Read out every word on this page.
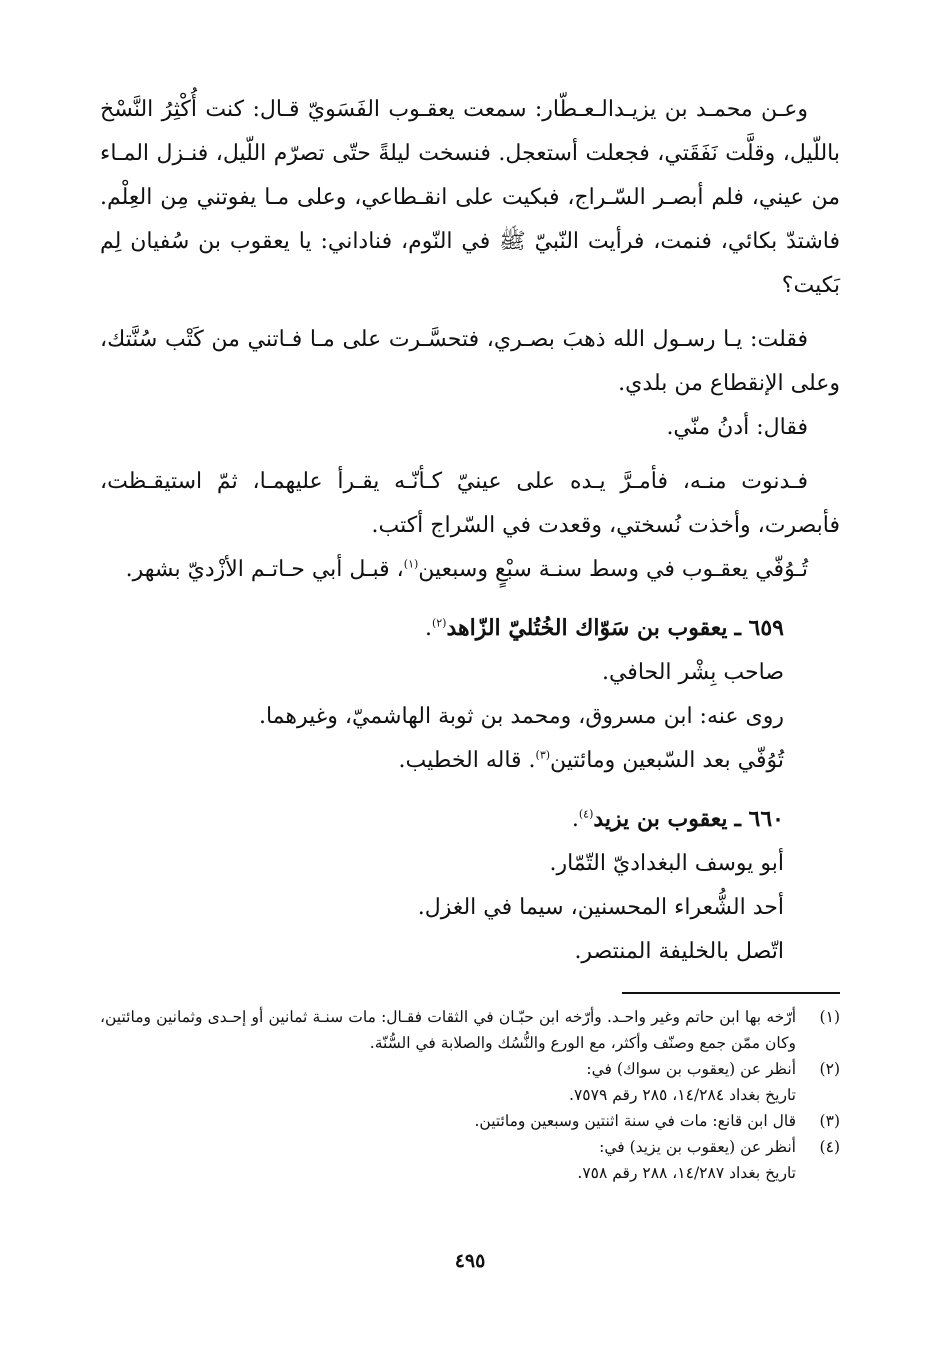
وعـن محمـد بن يزيـدالـعـطّار: سمعت يعقـوب الفَسَويّ قـال: كنت أُكْثِرُ النَّسْخ باللّيل، وقلَّت نَفَقَتي، فجعلت أستعجل. فنسخت ليلةً حتّى تصرّم اللّيل، فنـزل المـاء من عيني، فلم أبصـر السّـراج، فبكيت على انقـطاعي، وعلى مـا يفوتني مِن العِلْم. فاشتدّ بكائي، فنمت، فرأيت النّبيّ ﷺ في النّوم، فناداني: يا يعقوب بن سُفيان لِم بَكيت؟

فقلت: يـا رسـول الله ذهبَ بصـري، فتحسَّـرت على مـا فـاتني من كَتْب سُنَّتك، وعلى الإنقطاع من بلدي.

فقال: أدنُ منّي.

فـدنوت منـه، فأمـرَّ يـده على عينيّ كـأنّـه يقـرأ عليهمـا، ثمّ استيقـظت، فأبصرت، وأخذت نُسختي، وقعدت في السّراج أكتب.

تُـوُفّي يعقـوب في وسط سنـة سبْعٍ وسبعين$^{(١)}$، قبـل أبي حـاتـم الأزْديّ بشهر.

٦٥٩ ـ يعقوب بن سَوّاك الخُتُليّ الزّاهد$^{(٢)}$.

صاحب بِشْر الحافي.

روى عنه: ابن مسروق، ومحمد بن ثوبة الهاشميّ، وغيرهما.

تُوُفّي بعد السّبعين ومائتين$^{(٣)}$. قاله الخطيب.

٦٦٠ ـ يعقوب بن يزيد$^{(٤)}$.

أبو يوسف البغداديّ التّمّار.

أحد الشُّعراء المحسنين، سيما في الغزل.

اتّصل بالخليفة المنتصر.

(١)
أرّخه بها ابن حاتم وغير واحـد. وأرّخه ابن حبّـان في الثقات فقـال: مات سنـة ثمانين أو إحـدى وثمانين ومائتين، وكان ممّن جمع وصنّف وأكثر، مع الورع والنُّسُك والصلابة في السُّنّة.
(٢)
أنظر عن (يعقوب بن سواك) في:
تاريخ بغداد ١٤/٢٨٤، ٢٨٥ رقم ٧٥٧٩.
(٣)
قال ابن قانع: مات في سنة اثنتين وسبعين ومائتين.
(٤)
أنظر عن (يعقوب بن يزيد) في:
تاريخ بغداد ١٤/٢٨٧، ٢٨٨ رقم ٧٥٨.
٤٩٥
